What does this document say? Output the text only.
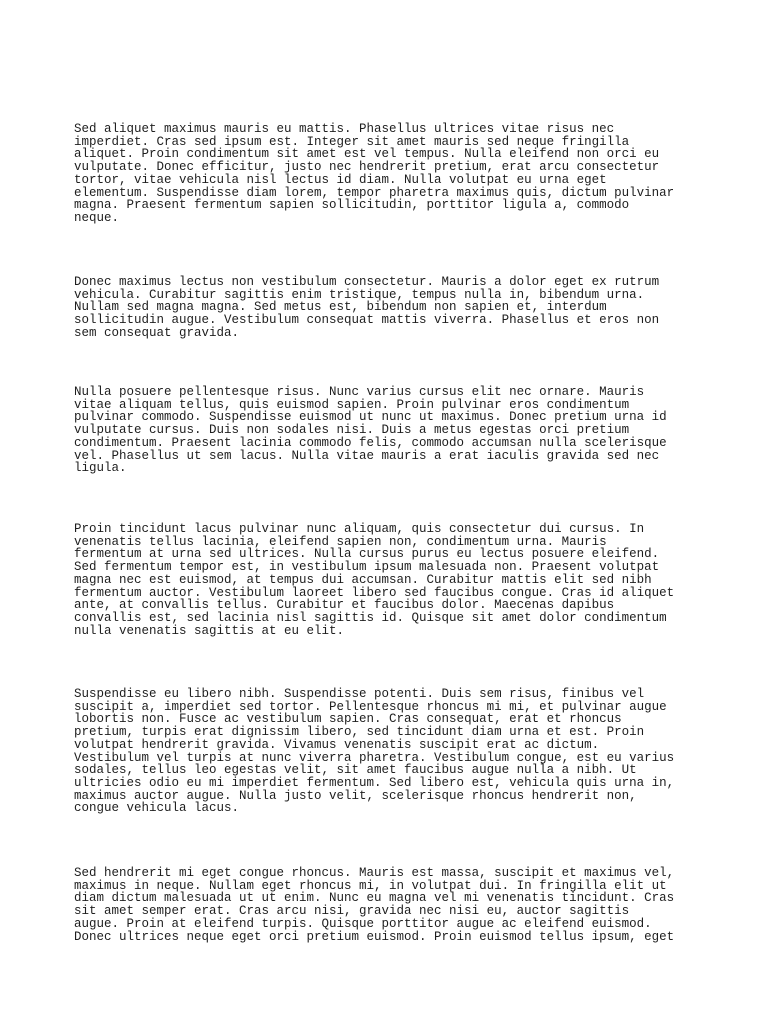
Sed aliquet maximus mauris eu mattis. Phasellus ultrices vitae risus nec
imperdiet. Cras sed ipsum est. Integer sit amet mauris sed neque fringilla
aliquet. Proin condimentum sit amet est vel tempus. Nulla eleifend non orci eu
vulputate. Donec efficitur, justo nec hendrerit pretium, erat arcu consectetur
tortor, vitae vehicula nisl lectus id diam. Nulla volutpat eu urna eget
elementum. Suspendisse diam lorem, tempor pharetra maximus quis, dictum pulvinar
magna. Praesent fermentum sapien sollicitudin, porttitor ligula a, commodo
neque.

Donec maximus lectus non vestibulum consectetur. Mauris a dolor eget ex rutrum
vehicula. Curabitur sagittis enim tristique, tempus nulla in, bibendum urna.
Nullam sed magna magna. Sed metus est, bibendum non sapien et, interdum
sollicitudin augue. Vestibulum consequat mattis viverra. Phasellus et eros non
sem consequat gravida.

Nulla posuere pellentesque risus. Nunc varius cursus elit nec ornare. Mauris
vitae aliquam tellus, quis euismod sapien. Proin pulvinar eros condimentum
pulvinar commodo. Suspendisse euismod ut nunc ut maximus. Donec pretium urna id
vulputate cursus. Duis non sodales nisi. Duis a metus egestas orci pretium
condimentum. Praesent lacinia commodo felis, commodo accumsan nulla scelerisque
vel. Phasellus ut sem lacus. Nulla vitae mauris a erat iaculis gravida sed nec
ligula.

Proin tincidunt lacus pulvinar nunc aliquam, quis consectetur dui cursus. In
venenatis tellus lacinia, eleifend sapien non, condimentum urna. Mauris
fermentum at urna sed ultrices. Nulla cursus purus eu lectus posuere eleifend.
Sed fermentum tempor est, in vestibulum ipsum malesuada non. Praesent volutpat
magna nec est euismod, at tempus dui accumsan. Curabitur mattis elit sed nibh
fermentum auctor. Vestibulum laoreet libero sed faucibus congue. Cras id aliquet
ante, at convallis tellus. Curabitur et faucibus dolor. Maecenas dapibus
convallis est, sed lacinia nisl sagittis id. Quisque sit amet dolor condimentum
nulla venenatis sagittis at eu elit.

Suspendisse eu libero nibh. Suspendisse potenti. Duis sem risus, finibus vel
suscipit a, imperdiet sed tortor. Pellentesque rhoncus mi mi, et pulvinar augue
lobortis non. Fusce ac vestibulum sapien. Cras consequat, erat et rhoncus
pretium, turpis erat dignissim libero, sed tincidunt diam urna et est. Proin
volutpat hendrerit gravida. Vivamus venenatis suscipit erat ac dictum.
Vestibulum vel turpis at nunc viverra pharetra. Vestibulum congue, est eu varius
sodales, tellus leo egestas velit, sit amet faucibus augue nulla a nibh. Ut
ultricies odio eu mi imperdiet fermentum. Sed libero est, vehicula quis urna in,
maximus auctor augue. Nulla justo velit, scelerisque rhoncus hendrerit non,
congue vehicula lacus.

Sed hendrerit mi eget congue rhoncus. Mauris est massa, suscipit et maximus vel,
maximus in neque. Nullam eget rhoncus mi, in volutpat dui. In fringilla elit ut
diam dictum malesuada ut ut enim. Nunc eu magna vel mi venenatis tincidunt. Cras
sit amet semper erat. Cras arcu nisi, gravida nec nisi eu, auctor sagittis
augue. Proin at eleifend turpis. Quisque porttitor augue ac eleifend euismod.
Donec ultrices neque eget orci pretium euismod. Proin euismod tellus ipsum, eget
